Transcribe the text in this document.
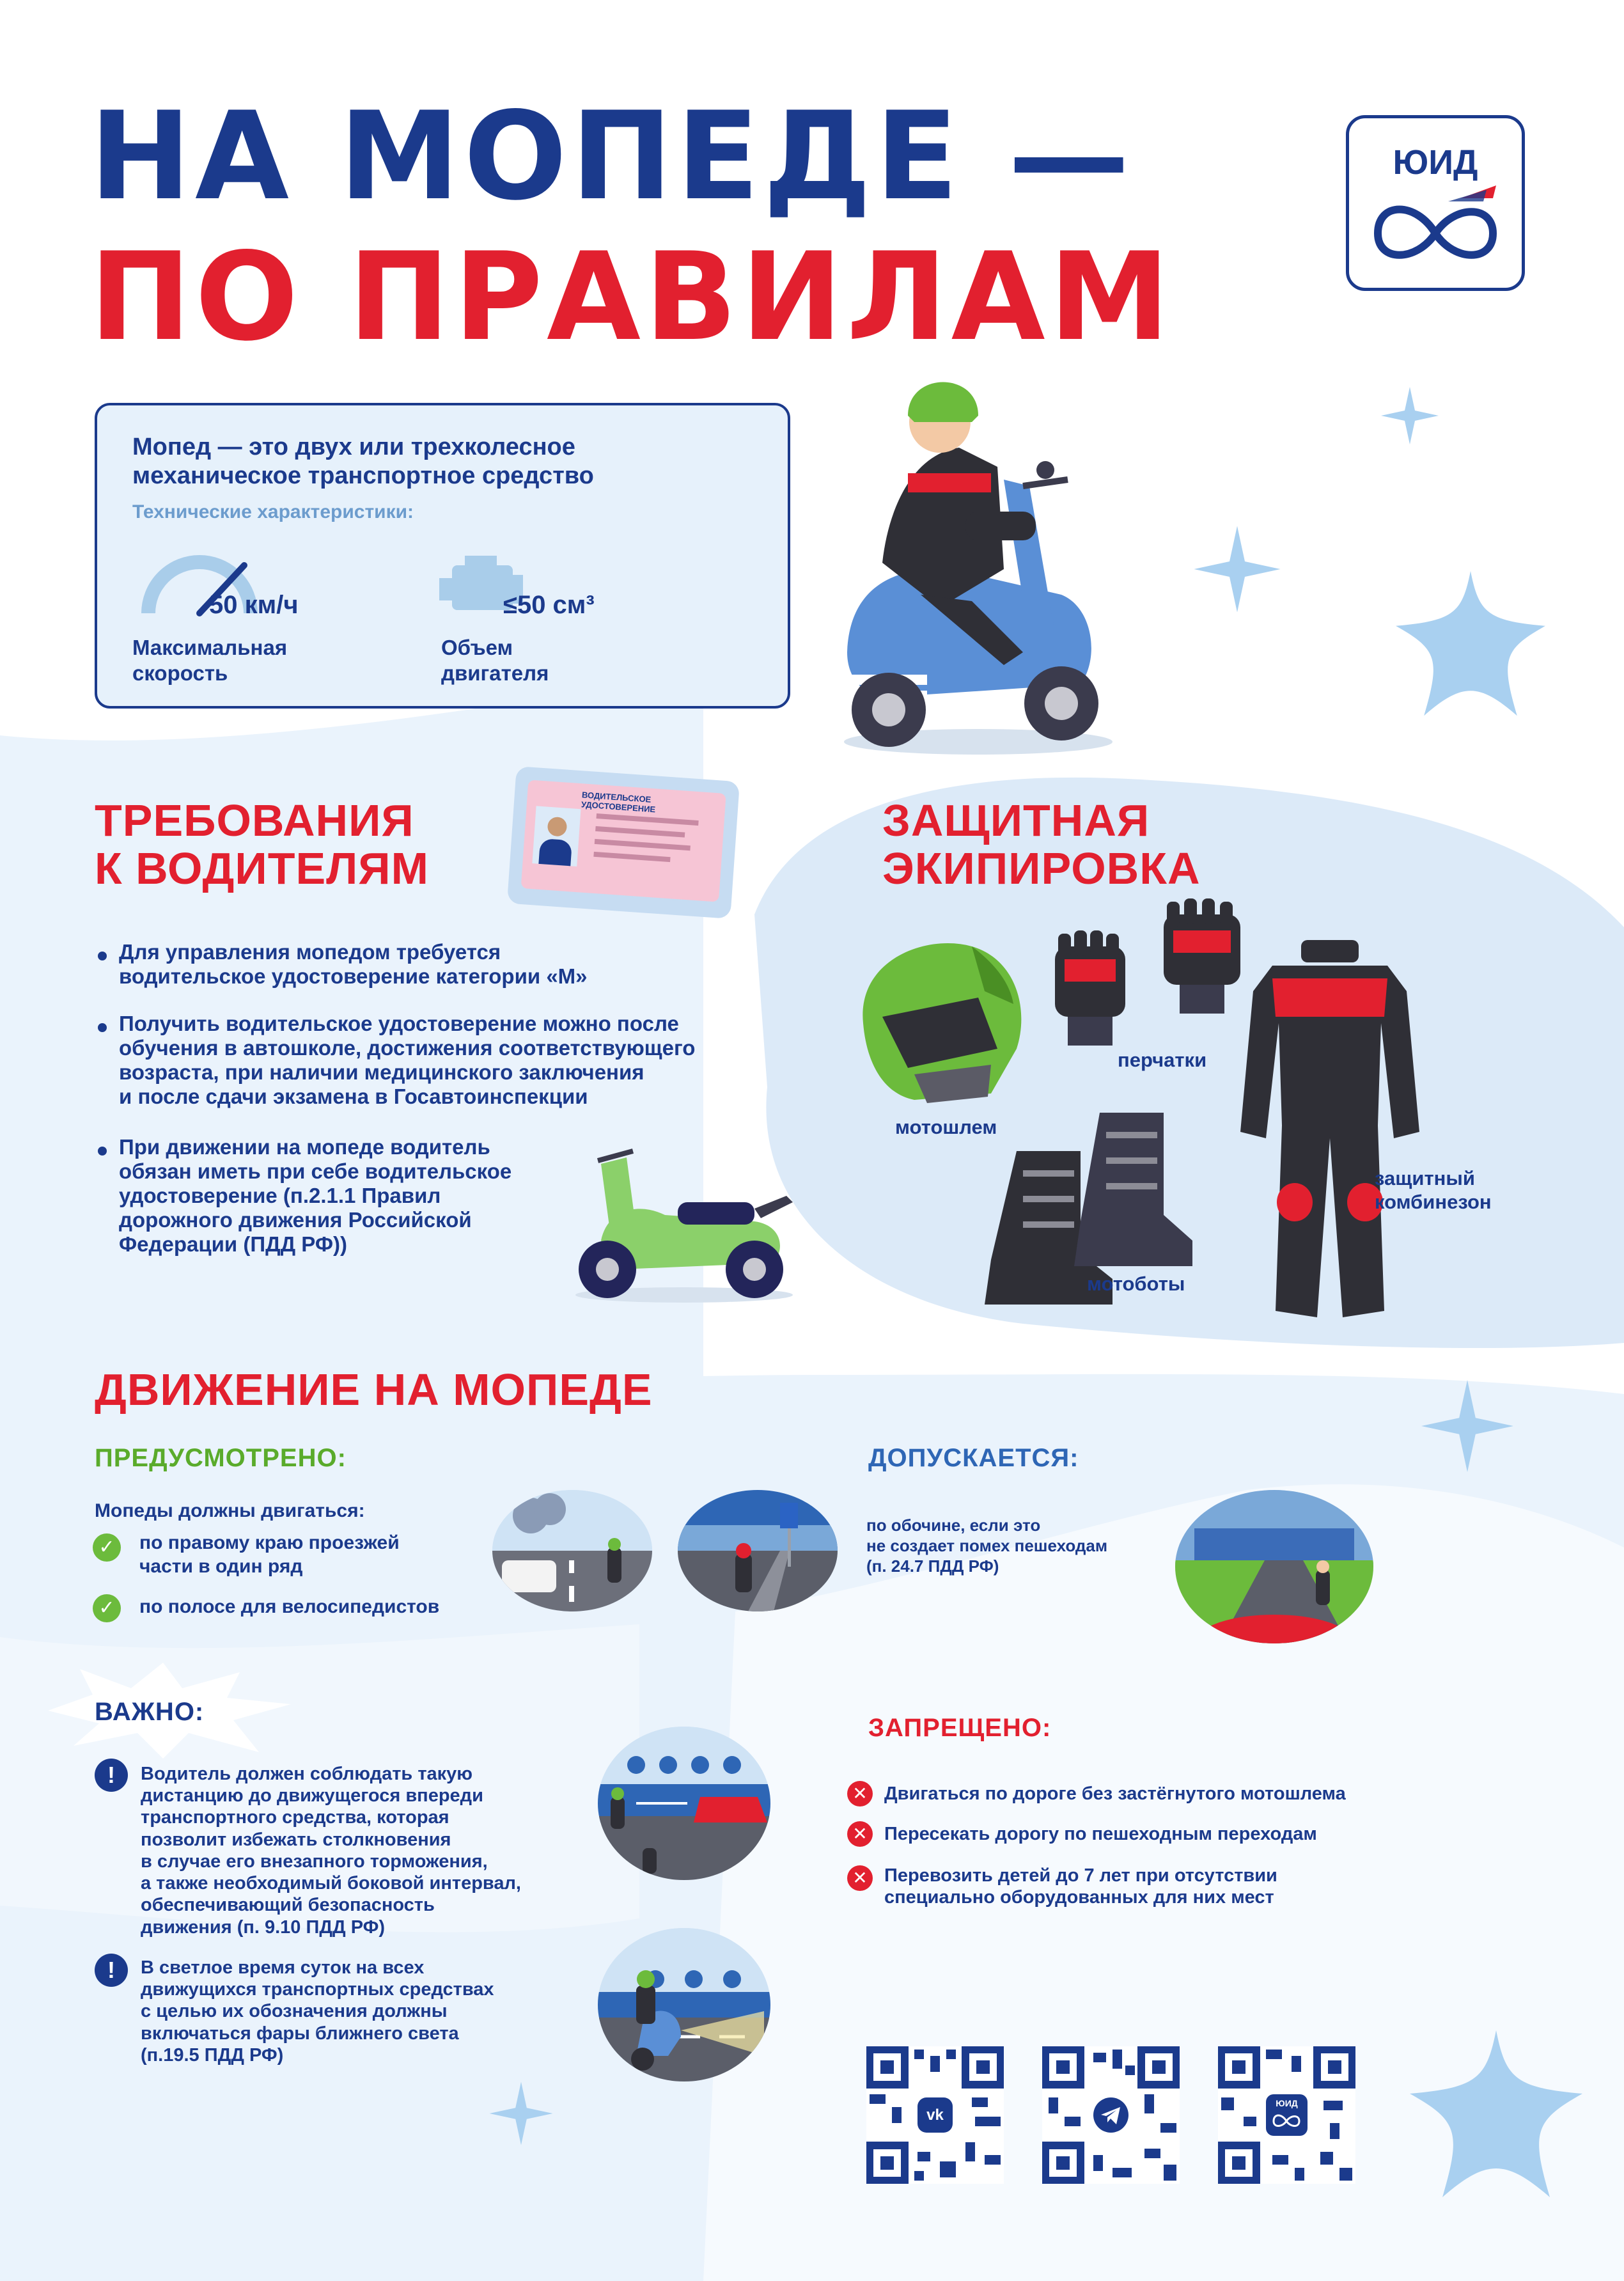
НА МОПЕДЕ —
ПО ПРАВИЛАМ
ЮИД
Мопед — это двух или трехколесное
механическое транспортное средство
Технические характеристики:
50 км/ч
Максимальная
скорость
≤50 см³
Объем
двигателя
ТРЕБОВАНИЯ
К ВОДИТЕЛЯМ
ВОДИТЕЛЬСКОЕ УДОСТОВЕРЕНИЕ
Для управления мопедом требуется
водительское удостоверение категории «М»
Получить водительское удостоверение можно после
обучения в автошколе, достижения соответствующего
возраста, при наличии медицинского заключения
и после сдачи экзамена в Госавтоинспекции
При движении на мопеде водитель
обязан иметь при себе водительское
удостоверение (п.2.1.1 Правил
дорожного движения Российской
Федерации (ПДД РФ))
ЗАЩИТНАЯ
ЭКИПИРОВКА
мотошлем
перчатки
мотоботы
защитный
комбинезон
ДВИЖЕНИЕ НА МОПЕДЕ
ПРЕДУСМОТРЕНО:
Мопеды должны двигаться:
✓	по правому краю проезжей
части в один ряд
✓	по полосе для велосипедистов
ДОПУСКАЕТСЯ:
по обочине, если это
не создает помех пешеходам
(п. 24.7 ПДД РФ)
ВАЖНО:
!	Водитель должен соблюдать такую
дистанцию до движущегося впереди
транспортного средства, которая
позволит избежать столкновения
в случае его внезапного торможения,
а также необходимый боковой интервал,
обеспечивающий безопасность
движения (п. 9.10 ПДД РФ)
!	В светлое время суток на всех
движущихся транспортных средствах
с целью их обозначения должны
включаться фары ближнего света
(п.19.5 ПДД РФ)
ЗАПРЕЩЕНО:
✕ Двигаться по дороге без застёгнутого мотошлема
✕ Пересекать дорогу по пешеходным переходам
✕ Перевозить детей до 7 лет при отсутствии
специально оборудованных для них мест
vk
ЮИД
